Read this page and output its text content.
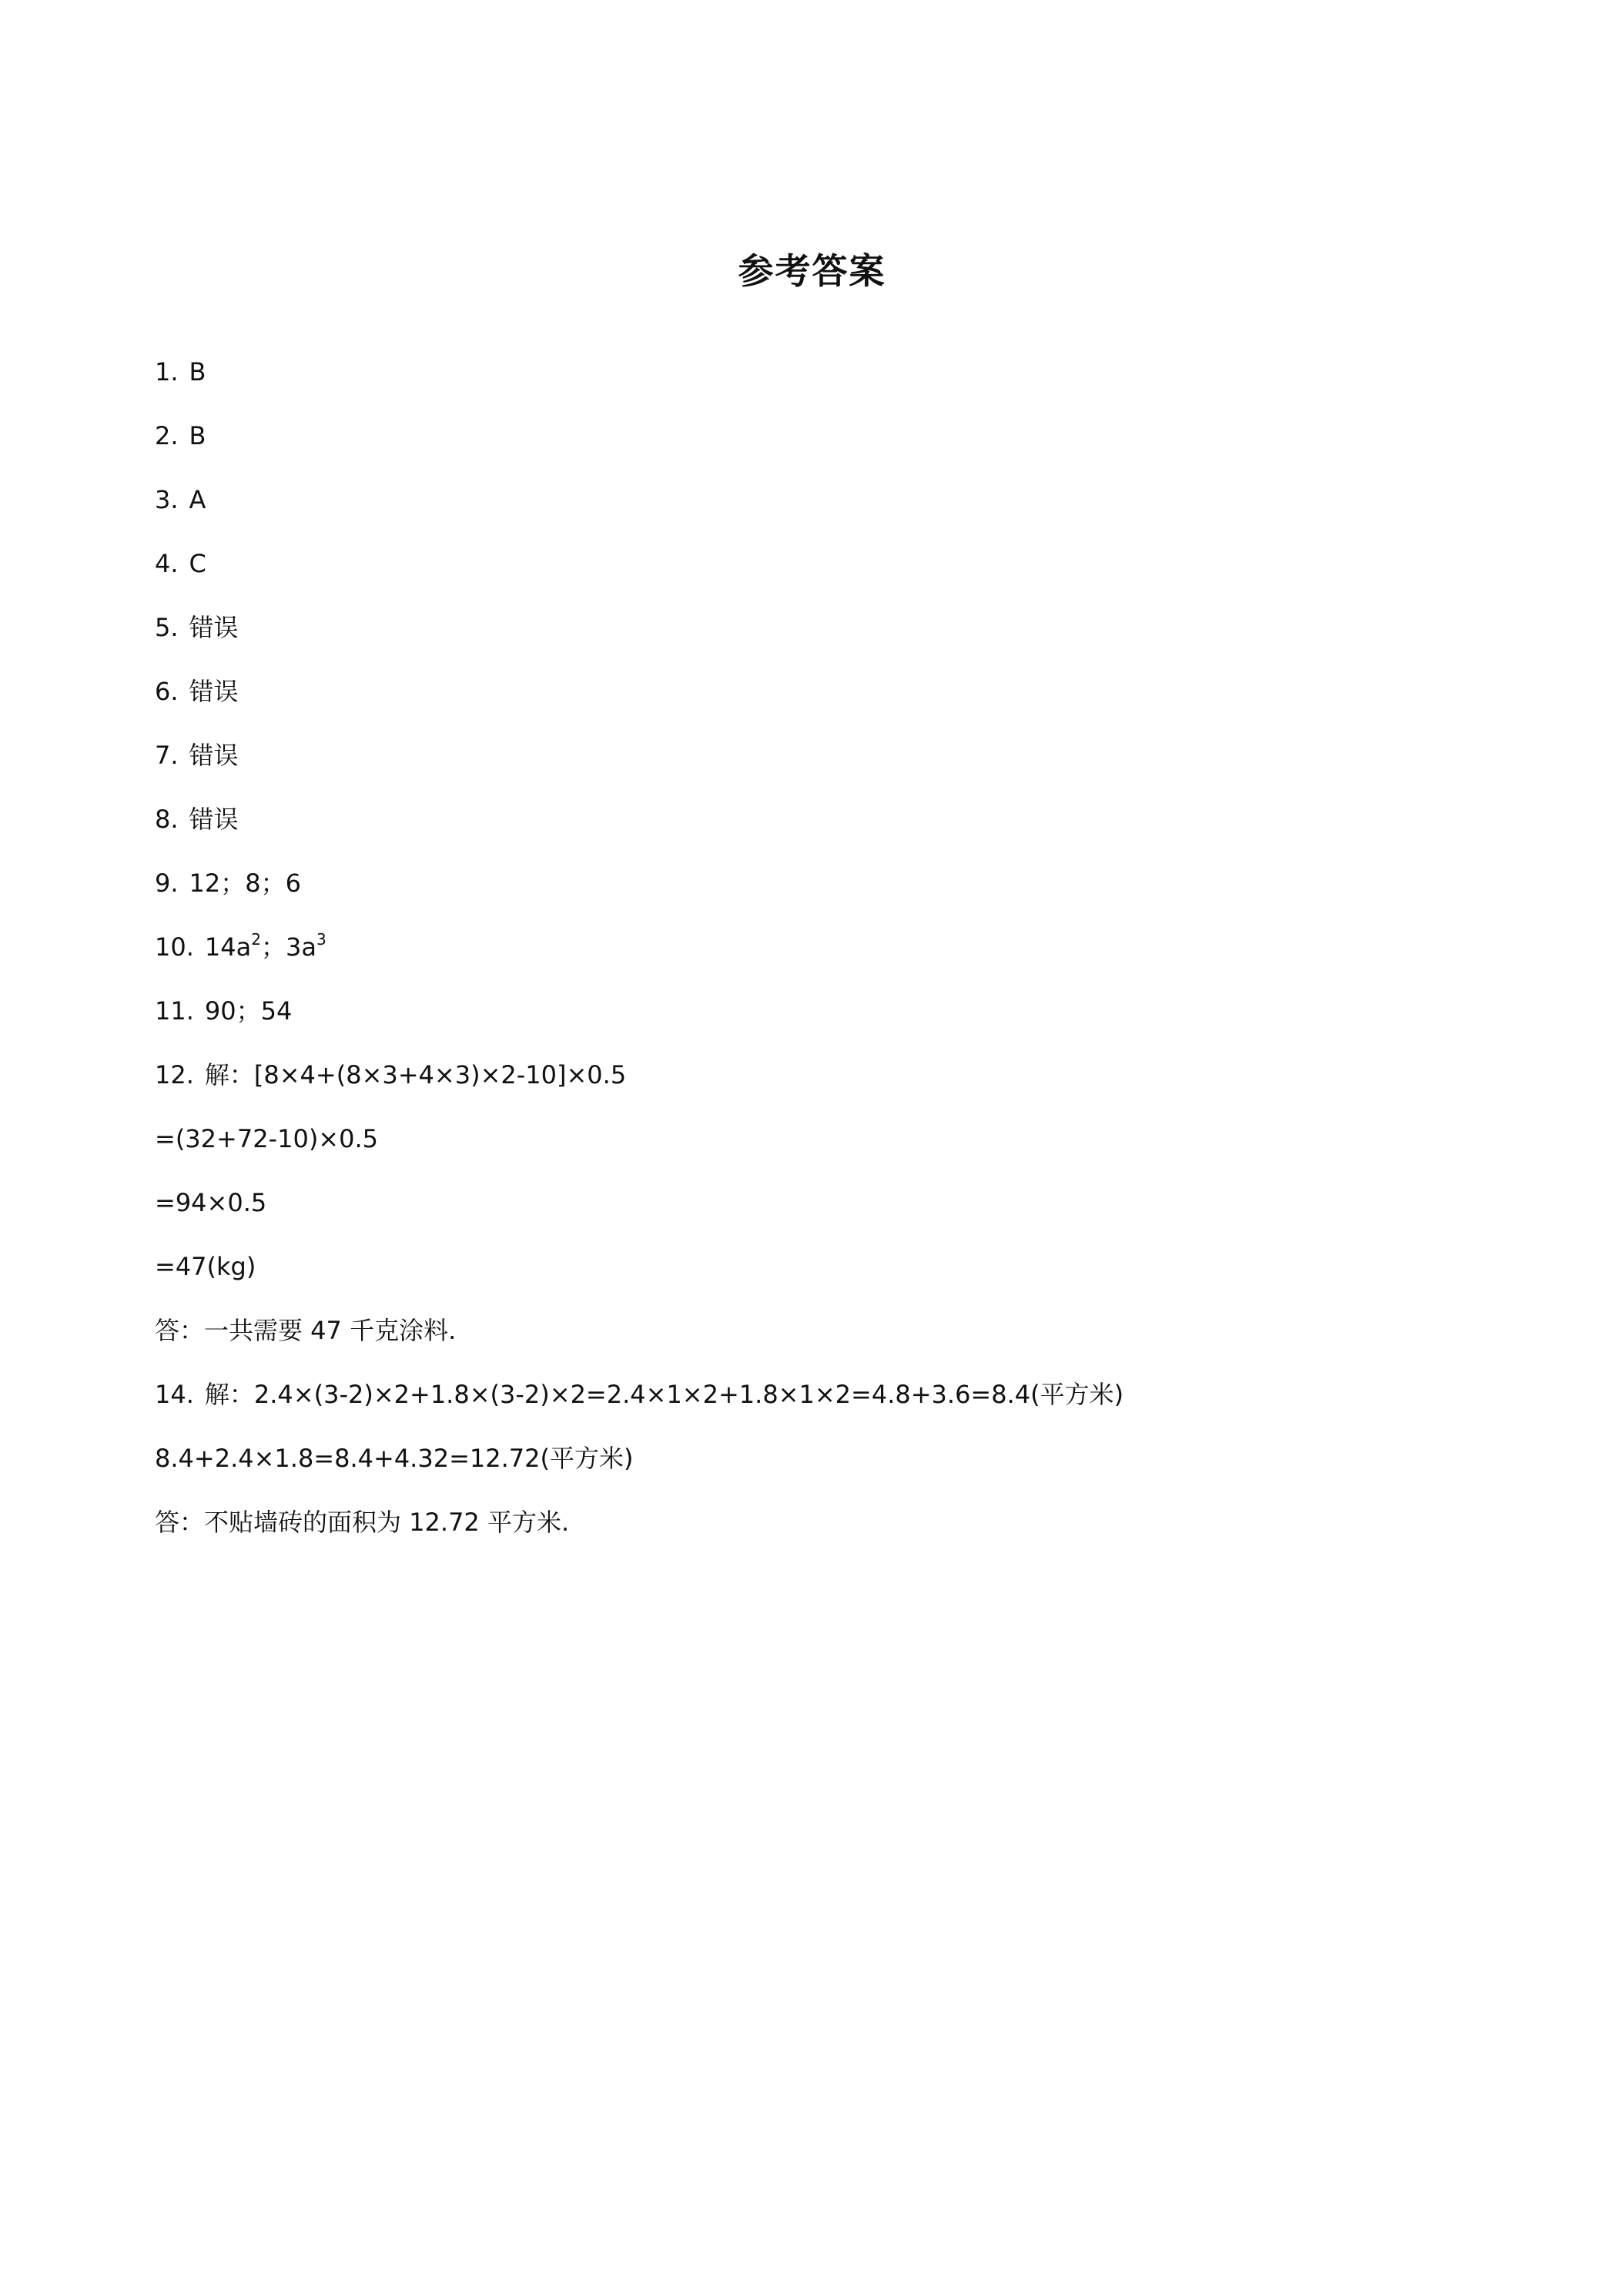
参考答案
1. B
2. B
3. A
4. C
5. 错误
6. 错误
7. 错误
8. 错误
9. 12；8；6
10. $14a^2$；$3a^3$
11. 90；54
12. 解：[8×4+(8×3+4×3)×2-10]×0.5
=(32+72-10)×0.5
=94×0.5
=47(kg)
答：一共需要 47 千克涂料.
14. 解：2.4×(3-2)×2+1.8×(3-2)×2=2.4×1×2+1.8×1×2=4.8+3.6=8.4(平方米)
8.4+2.4×1.8=8.4+4.32=12.72(平方米)
答：不贴墙砖的面积为 12.72 平方米.
